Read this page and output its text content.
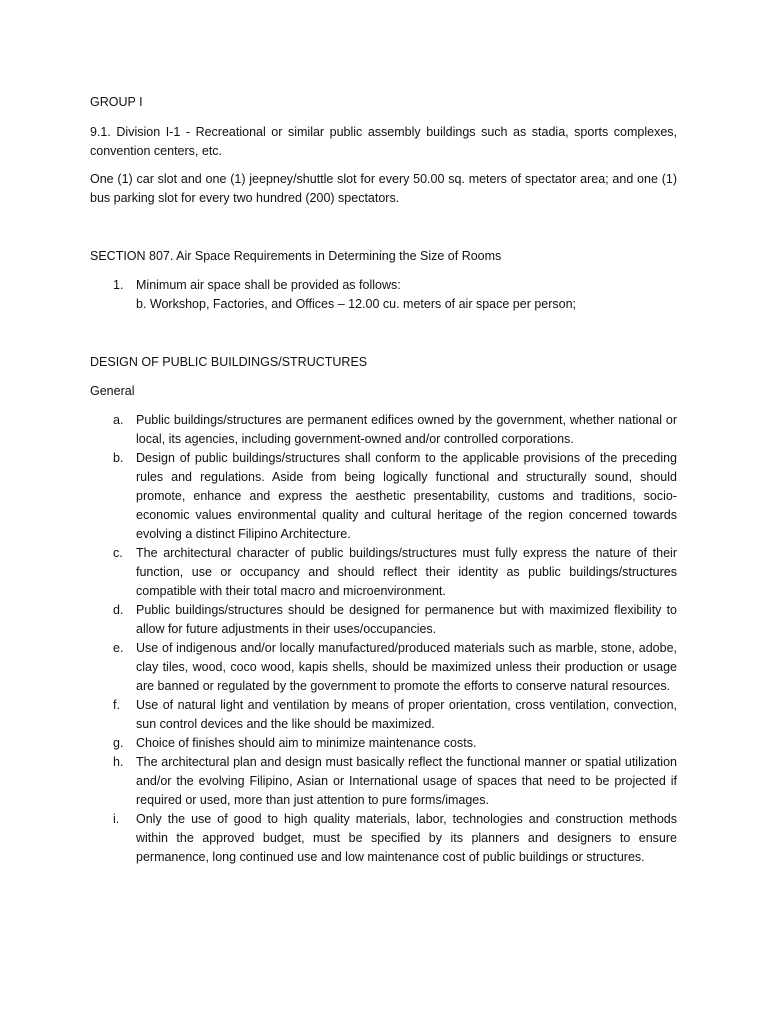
GROUP I

9.1. Division I-1 - Recreational or similar public assembly buildings such as stadia, sports complexes, convention centers, etc.

One (1) car slot and one (1) jeepney/shuttle slot for every 50.00 sq. meters of spectator area; and one (1) bus parking slot for every two hundred (200) spectators.

SECTION 807. Air Space Requirements in Determining the Size of Rooms

1. Minimum air space shall be provided as follows:
b. Workshop, Factories, and Offices – 12.00 cu. meters of air space per person;

DESIGN OF PUBLIC BUILDINGS/STRUCTURES

General

a. Public buildings/structures are permanent edifices owned by the government, whether national or local, its agencies, including government-owned and/or controlled corporations.
b. Design of public buildings/structures shall conform to the applicable provisions of the preceding rules and regulations. Aside from being logically functional and structurally sound, should promote, enhance and express the aesthetic presentability, customs and traditions, socio-economic values environmental quality and cultural heritage of the region concerned towards evolving a distinct Filipino Architecture.
c. The architectural character of public buildings/structures must fully express the nature of their function, use or occupancy and should reflect their identity as public buildings/structures compatible with their total macro and microenvironment.
d. Public buildings/structures should be designed for permanence but with maximized flexibility to allow for future adjustments in their uses/occupancies.
e. Use of indigenous and/or locally manufactured/produced materials such as marble, stone, adobe, clay tiles, wood, coco wood, kapis shells, should be maximized unless their production or usage are banned or regulated by the government to promote the efforts to conserve natural resources.
f. Use of natural light and ventilation by means of proper orientation, cross ventilation, convection, sun control devices and the like should be maximized.
g. Choice of finishes should aim to minimize maintenance costs.
h. The architectural plan and design must basically reflect the functional manner or spatial utilization and/or the evolving Filipino, Asian or International usage of spaces that need to be projected if required or used, more than just attention to pure forms/images.
i. Only the use of good to high quality materials, labor, technologies and construction methods within the approved budget, must be specified by its planners and designers to ensure permanence, long continued use and low maintenance cost of public buildings or structures.
